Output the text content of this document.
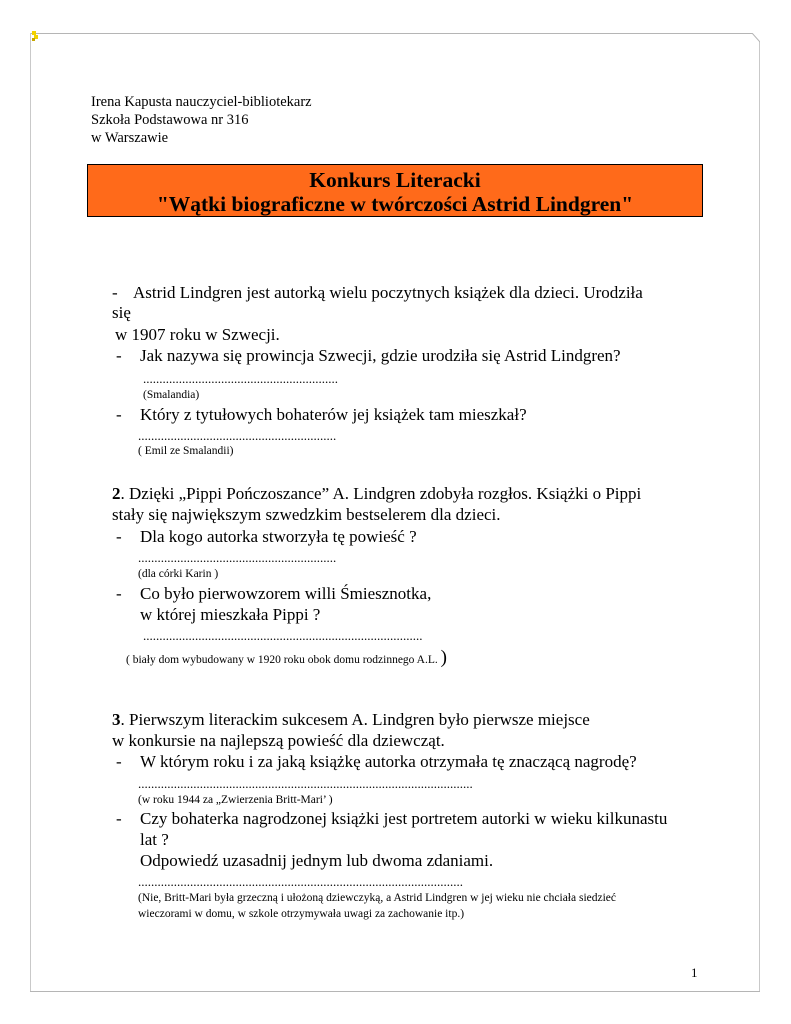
Irena Kapusta nauczyciel-bibliotekarz
Szkoła Podstawowa nr 316
w Warszawie
Konkurs Literacki
"Wątki biograficzne w twórczości Astrid Lindgren"
- Astrid Lindgren jest autorką wielu poczytnych książek dla dzieci. Urodziła
się
w 1907 roku w Szwecji.
- Jak nazywa się prowincja Szwecji, gdzie urodziła się Astrid Lindgren?
............................................................
(Smalandia)
- Który z tytułowych bohaterów jej książek tam mieszkał?
.............................................................
( Emil ze Smalandii)
2. Dzięki „Pippi Pończoszance” A. Lindgren zdobyła rozgłos. Książki o Pippi
stały się największym szwedzkim bestselerem dla dzieci.
- Dla kogo autorka stworzyła tę powieść ?
.............................................................
(dla córki Karin )
- Co było pierwowzorem willi Śmiesznotka,
w której mieszkała Pippi ?
......................................................................................
( biały dom wybudowany w 1920 roku obok domu rodzinnego A.L. )
3. Pierwszym literackim sukcesem A. Lindgren było pierwsze miejsce
w konkursie na najlepszą powieść dla dziewcząt.
- W którym roku i za jaką książkę autorka otrzymała tę znaczącą nagrodę?
.......................................................................................................
(w roku 1944 za „Zwierzenia Britt-Mari’ )
- Czy bohaterka nagrodzonej książki jest portretem autorki w wieku kilkunastu
lat ?
Odpowiedź uzasadnij jednym lub dwoma zdaniami.
....................................................................................................
(Nie, Britt-Mari była grzeczną i ułożoną dziewczyką, a Astrid Lindgren w jej wieku nie chciała siedzieć
wieczorami w domu, w szkole otrzymywała uwagi za zachowanie itp.)
1
